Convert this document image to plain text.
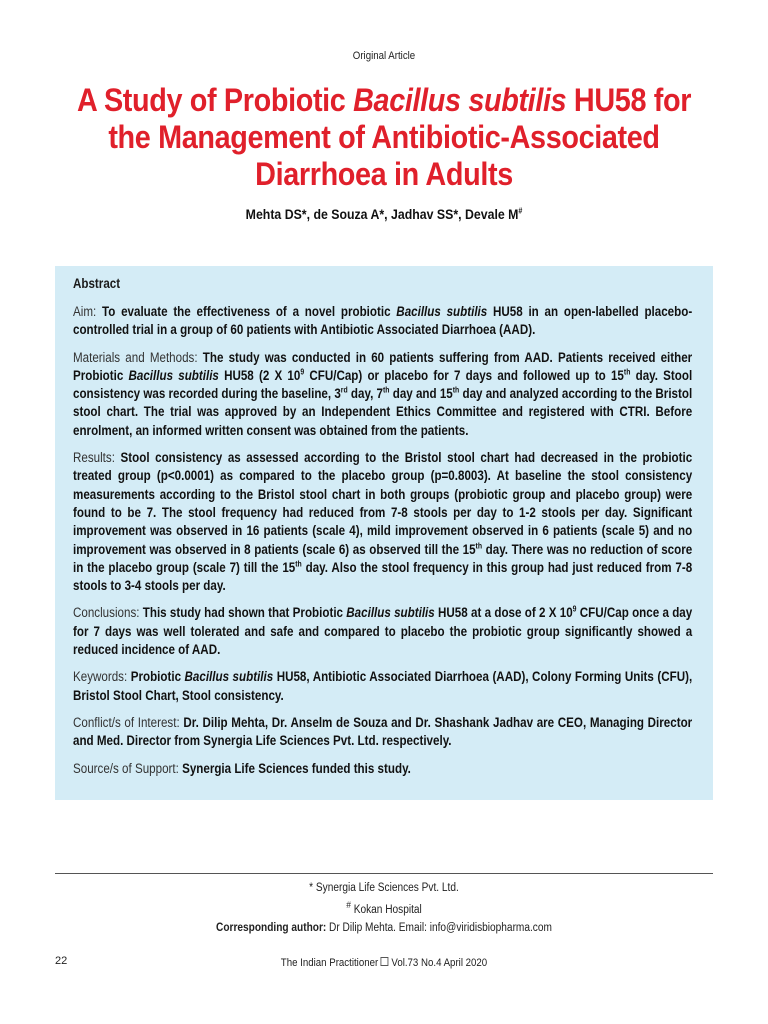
Original Article
A Study of Probiotic Bacillus subtilis HU58 for the Management of Antibiotic-Associated Diarrhoea in Adults
Mehta DS*, de Souza A*, Jadhav SS*, Devale M#
Abstract

Aim: To evaluate the effectiveness of a novel probiotic Bacillus subtilis HU58 in an open-labelled placebo-controlled trial in a group of 60 patients with Antibiotic Associated Diarrhoea (AAD).

Materials and Methods: The study was conducted in 60 patients suffering from AAD. Patients received either Probiotic Bacillus subtilis HU58 (2 X $10^9$ CFU/Cap) or placebo for 7 days and followed up to 15th day. Stool consistency was recorded during the baseline, 3rd day, 7th day and 15th day and analyzed according to the Bristol stool chart. The trial was approved by an Independent Ethics Committee and registered with CTRI. Before enrolment, an informed written consent was obtained from the patients.

Results: Stool consistency as assessed according to the Bristol stool chart had decreased in the probiotic treated group (p<0.0001) as compared to the placebo group (p=0.8003). At baseline the stool consistency measurements according to the Bristol stool chart in both groups (probiotic group and placebo group) were found to be 7. The stool frequency had reduced from 7-8 stools per day to 1-2 stools per day. Significant improvement was observed in 16 patients (scale 4), mild improvement observed in 6 patients (scale 5) and no improvement was observed in 8 patients (scale 6) as observed till the 15th day. There was no reduction of score in the placebo group (scale 7) till the 15th day. Also the stool frequency in this group had just reduced from 7-8 stools to 3-4 stools per day.

Conclusions: This study had shown that Probiotic Bacillus subtilis HU58 at a dose of 2 X $10^9$ CFU/Cap once a day for 7 days was well tolerated and safe and compared to placebo the probiotic group significantly showed a reduced incidence of AAD.

Keywords: Probiotic Bacillus subtilis HU58, Antibiotic Associated Diarrhoea (AAD), Colony Forming Units (CFU), Bristol Stool Chart, Stool consistency.

Conflict/s of Interest: Dr. Dilip Mehta, Dr. Anselm de Souza and Dr. Shashank Jadhav are CEO, Managing Director and Med. Director from Synergia Life Sciences Pvt. Ltd. respectively.

Source/s of Support: Synergia Life Sciences funded this study.

* Synergia Life Sciences Pvt. Ltd.
# Kokan Hospital
Corresponding author: Dr Dilip Mehta. Email: info@viridisbiopharma.com
22	The Indian Practitioner Vol.73 No.4 April 2020
